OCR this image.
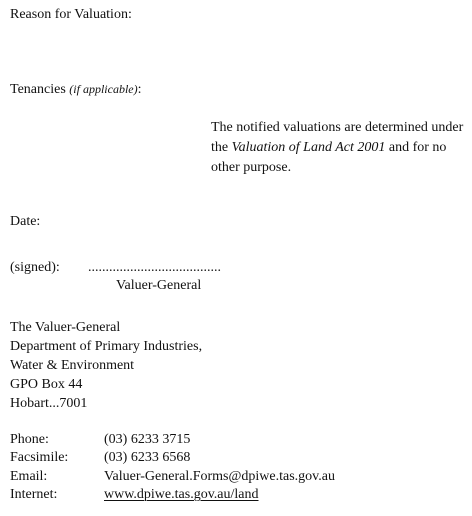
Reason for Valuation:
Tenancies (if applicable):
The notified valuations are determined under the Valuation of Land Act 2001 and for no other purpose.
Date:
(signed): ......................................
Valuer-General
The Valuer-General
Department of Primary Industries,
Water & Environment
GPO Box 44
Hobart...7001
Phone:	(03) 6233 3715
Facsimile:	(03) 6233 6568
Email:	Valuer-General.Forms@dpiwe.tas.gov.au
Internet:	www.dpiwe.tas.gov.au/land
